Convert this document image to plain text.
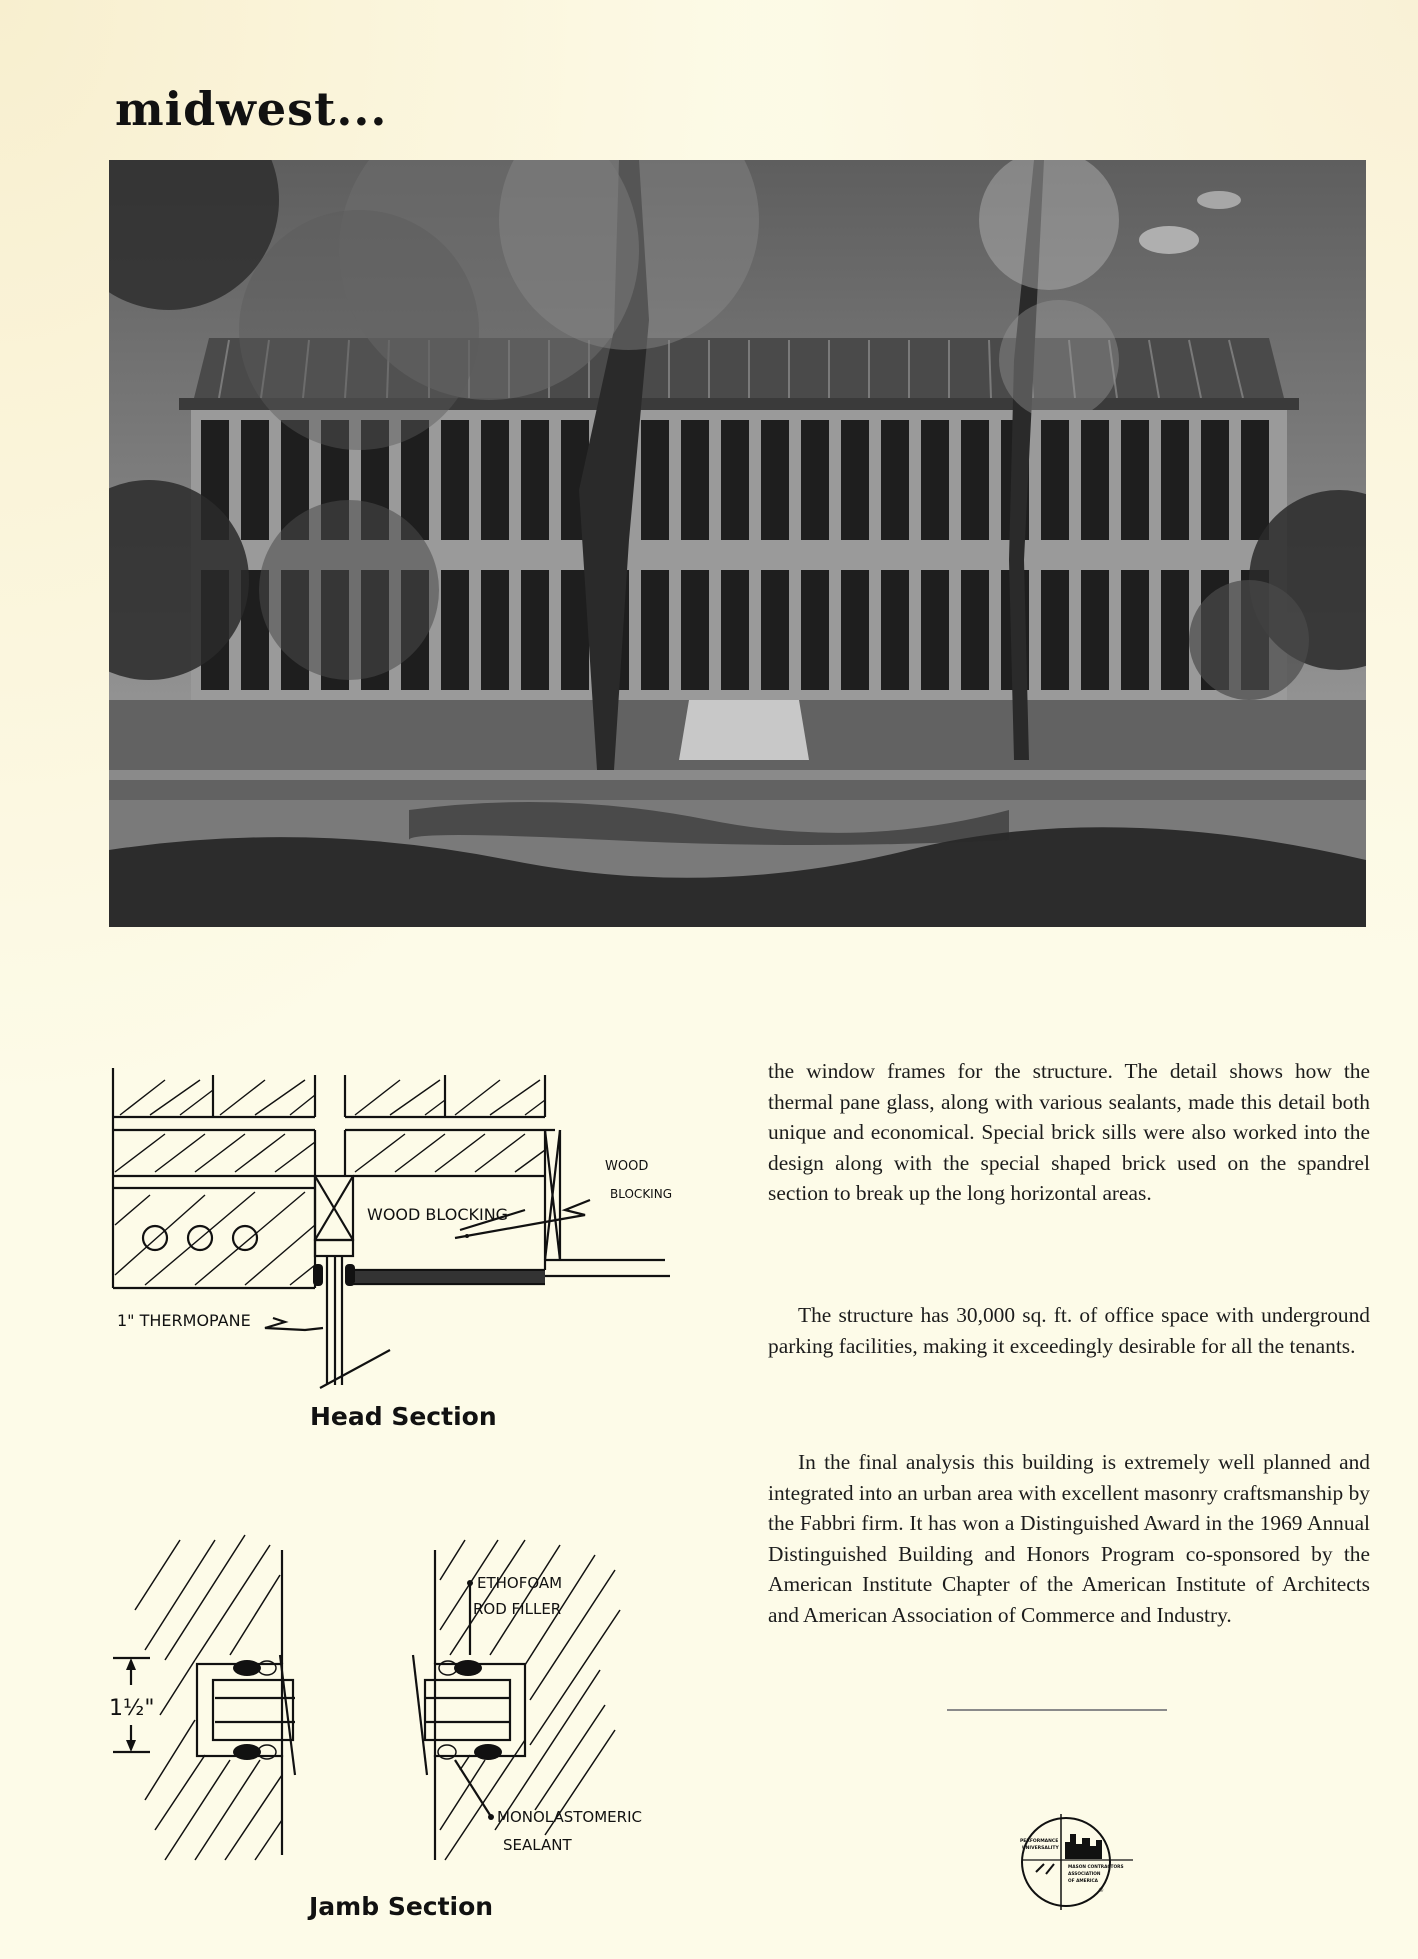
midwest...
WOOD BLOCKING
WOOD
BLOCKING
1" THERMOPANE
Head Section
1½"
ETHOFOAM
ROD FILLER
MONOLASTOMERIC
SEALANT
Jamb Section

the window frames for the structure. The detail shows how the thermal pane glass, along with various sealants, made this detail both unique and economical. Special brick sills were also worked into the design along with the special shaped brick used on the spandrel section to break up the long horizontal areas.

The structure has 30,000 sq. ft. of office space with underground parking facilities, making it exceedingly desirable for all the tenants.

In the final analysis this building is extremely well planned and integrated into an urban area with excellent masonry craftsmanship by the Fabbri firm. It has won a Distinguished Award in the 1969 Annual Distinguished Building and Honors Program co-sponsored by the American Institute Chapter of the American Institute of Architects and American Association of Commerce and Industry.

PERFORMANCE
UNIVERSALITY
MASON CONTRACTORS
ASSOCIATION
OF AMERICA
®
